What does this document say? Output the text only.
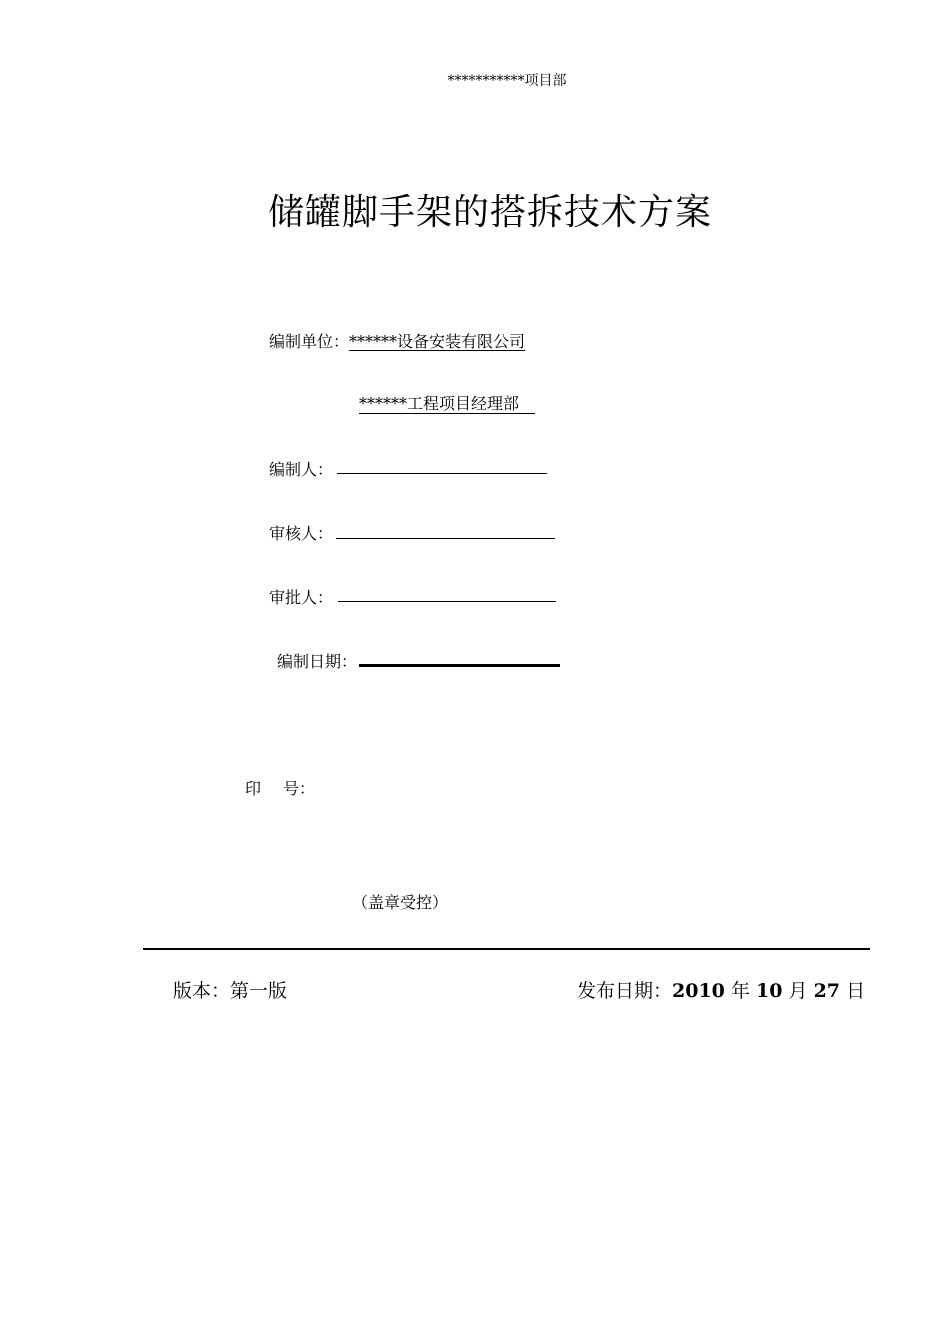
***********项目部
储罐脚手架的搭拆技术方案
编制单位：******设备安装有限公司
******工程项目经理部
编制人：
审核人：
审批人：
编制日期：
印 号：
（盖章受控）
版本：第一版	发布日期：2010 年 10 月 27 日
